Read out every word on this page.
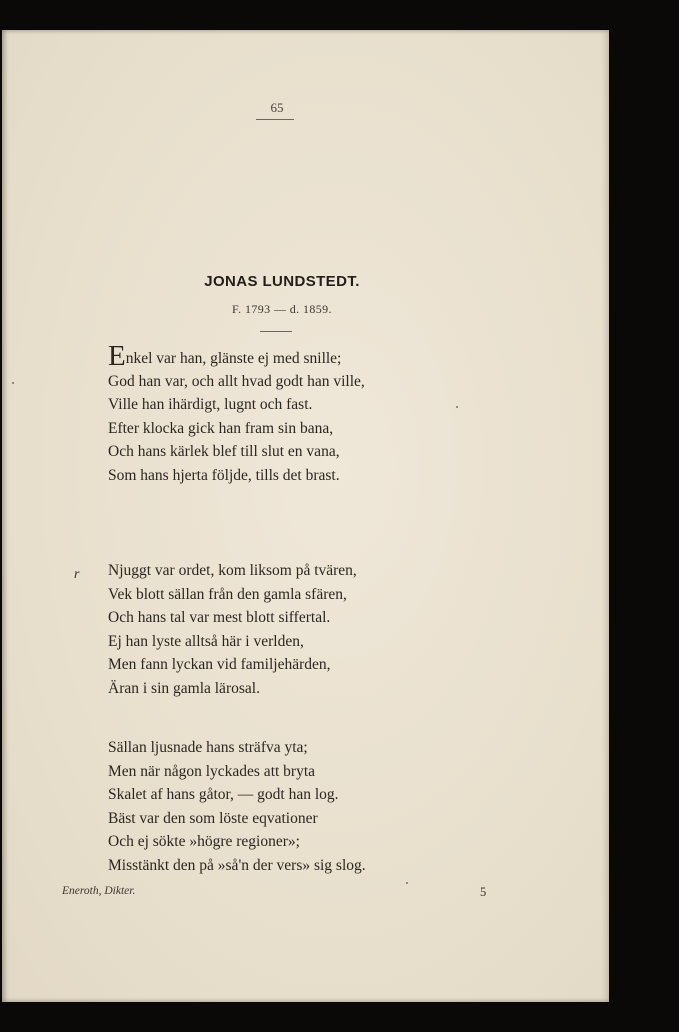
65
JONAS LUNDSTEDT.
F. 1793 — d. 1859.
Enkel var han, glänste ej med snille;
God han var, och allt hvad godt han ville,
Ville han ihärdigt, lugnt och fast.
Efter klocka gick han fram sin bana,
Och hans kärlek blef till slut en vana,
Som hans hjerta följde, tills det brast.
r Njuggt var ordet, kom liksom på tvären,
Vek blott sällan från den gamla sfären,
Och hans tal var mest blott siffertal.
Ej han lyste alltså här i verlden,
Men fann lyckan vid familjehärden,
Äran i sin gamla lärosal.
Sällan ljusnade hans sträfva yta;
Men när någon lyckades att bryta
Skalet af hans gåtor, — godt han log.
Bäst var den som löste eqvationer
Och ej sökte »högre regioner»;
Misstänkt den på »så'n der vers» sig slog.
Eneroth, Dikter.	5
